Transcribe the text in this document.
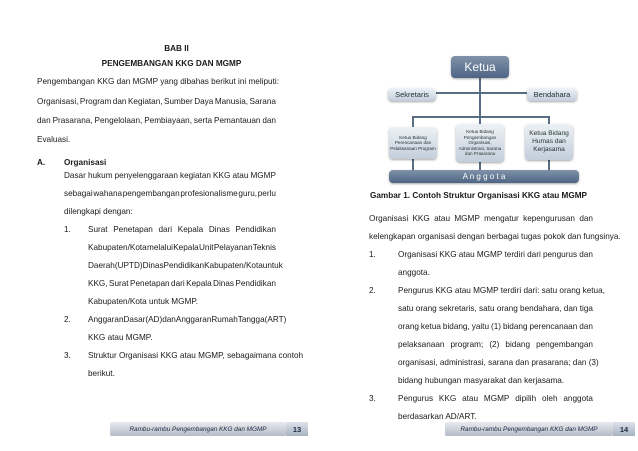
BAB II
PENGEMBANGAN KKG DAN MGMP
Pengembangan KKG dan MGMP yang dibahas berikut ini meliputi:
Organisasi, Program dan Kegiatan, Sumber Daya Manusia, Sarana
dan Prasarana, Pengelolaan, Pembiayaan, serta Pemantauan dan
Evaluasi.
A. Organisasi
Dasar hukum penyelenggaraan kegiatan KKG atau MGMP
sebagai wahana pengembangan profesionalisme guru, perlu
dilengkapi dengan:
1. Surat Penetapan dari Kepala Dinas Pendidikan
Kabupaten/Kota melalui Kepala Unit Pelayanan Teknis
Daerah (UPTD) Dinas Pendidikan Kabupaten/Kota untuk
KKG, Surat Penetapan dari Kepala Dinas Pendidikan
Kabupaten/Kota untuk MGMP.
2. Anggaran Dasar (AD) dan Anggaran Rumah Tangga (ART)
KKG atau MGMP.
3. Struktur Organisasi KKG atau MGMP, sebagaimana contoh
berikut.
Rambu-rambu Pengembangan KKG dan MGMP	13
Ketua
Sekretaris	Bendahara
Ketua Bidang
Perencanaan dan
Pelaksanaan Program
Ketua Bidang
Pengembangan
Organisasi,
Administrasi, Sarana
dan Prasarana
Ketua Bidang
Humas dan
Kerjasama
A n g g o t a
Gambar 1. Contoh Struktur Organisasi KKG atau MGMP
Organisasi KKG atau MGMP mengatur kepengurusan dan
kelengkapan organisasi dengan berbagai tugas pokok dan fungsinya.
1.	Organisasi KKG atau MGMP terdiri dari pengurus dan
anggota.
2.	Pengurus KKG atau MGMP terdiri dari: satu orang ketua,
satu orang sekretaris, satu orang bendahara, dan tiga
orang ketua bidang, yaitu (1) bidang perencanaan dan
pelaksanaan program; (2) bidang pengembangan
organisasi, administrasi, sarana dan prasarana; dan (3)
bidang hubungan masyarakat dan kerjasama.
3.	Pengurus KKG atau MGMP dipilih oleh anggota
Rambu-rambu Pengembangan KKG dan MGMP	14
berdasarkan AD/ART.
